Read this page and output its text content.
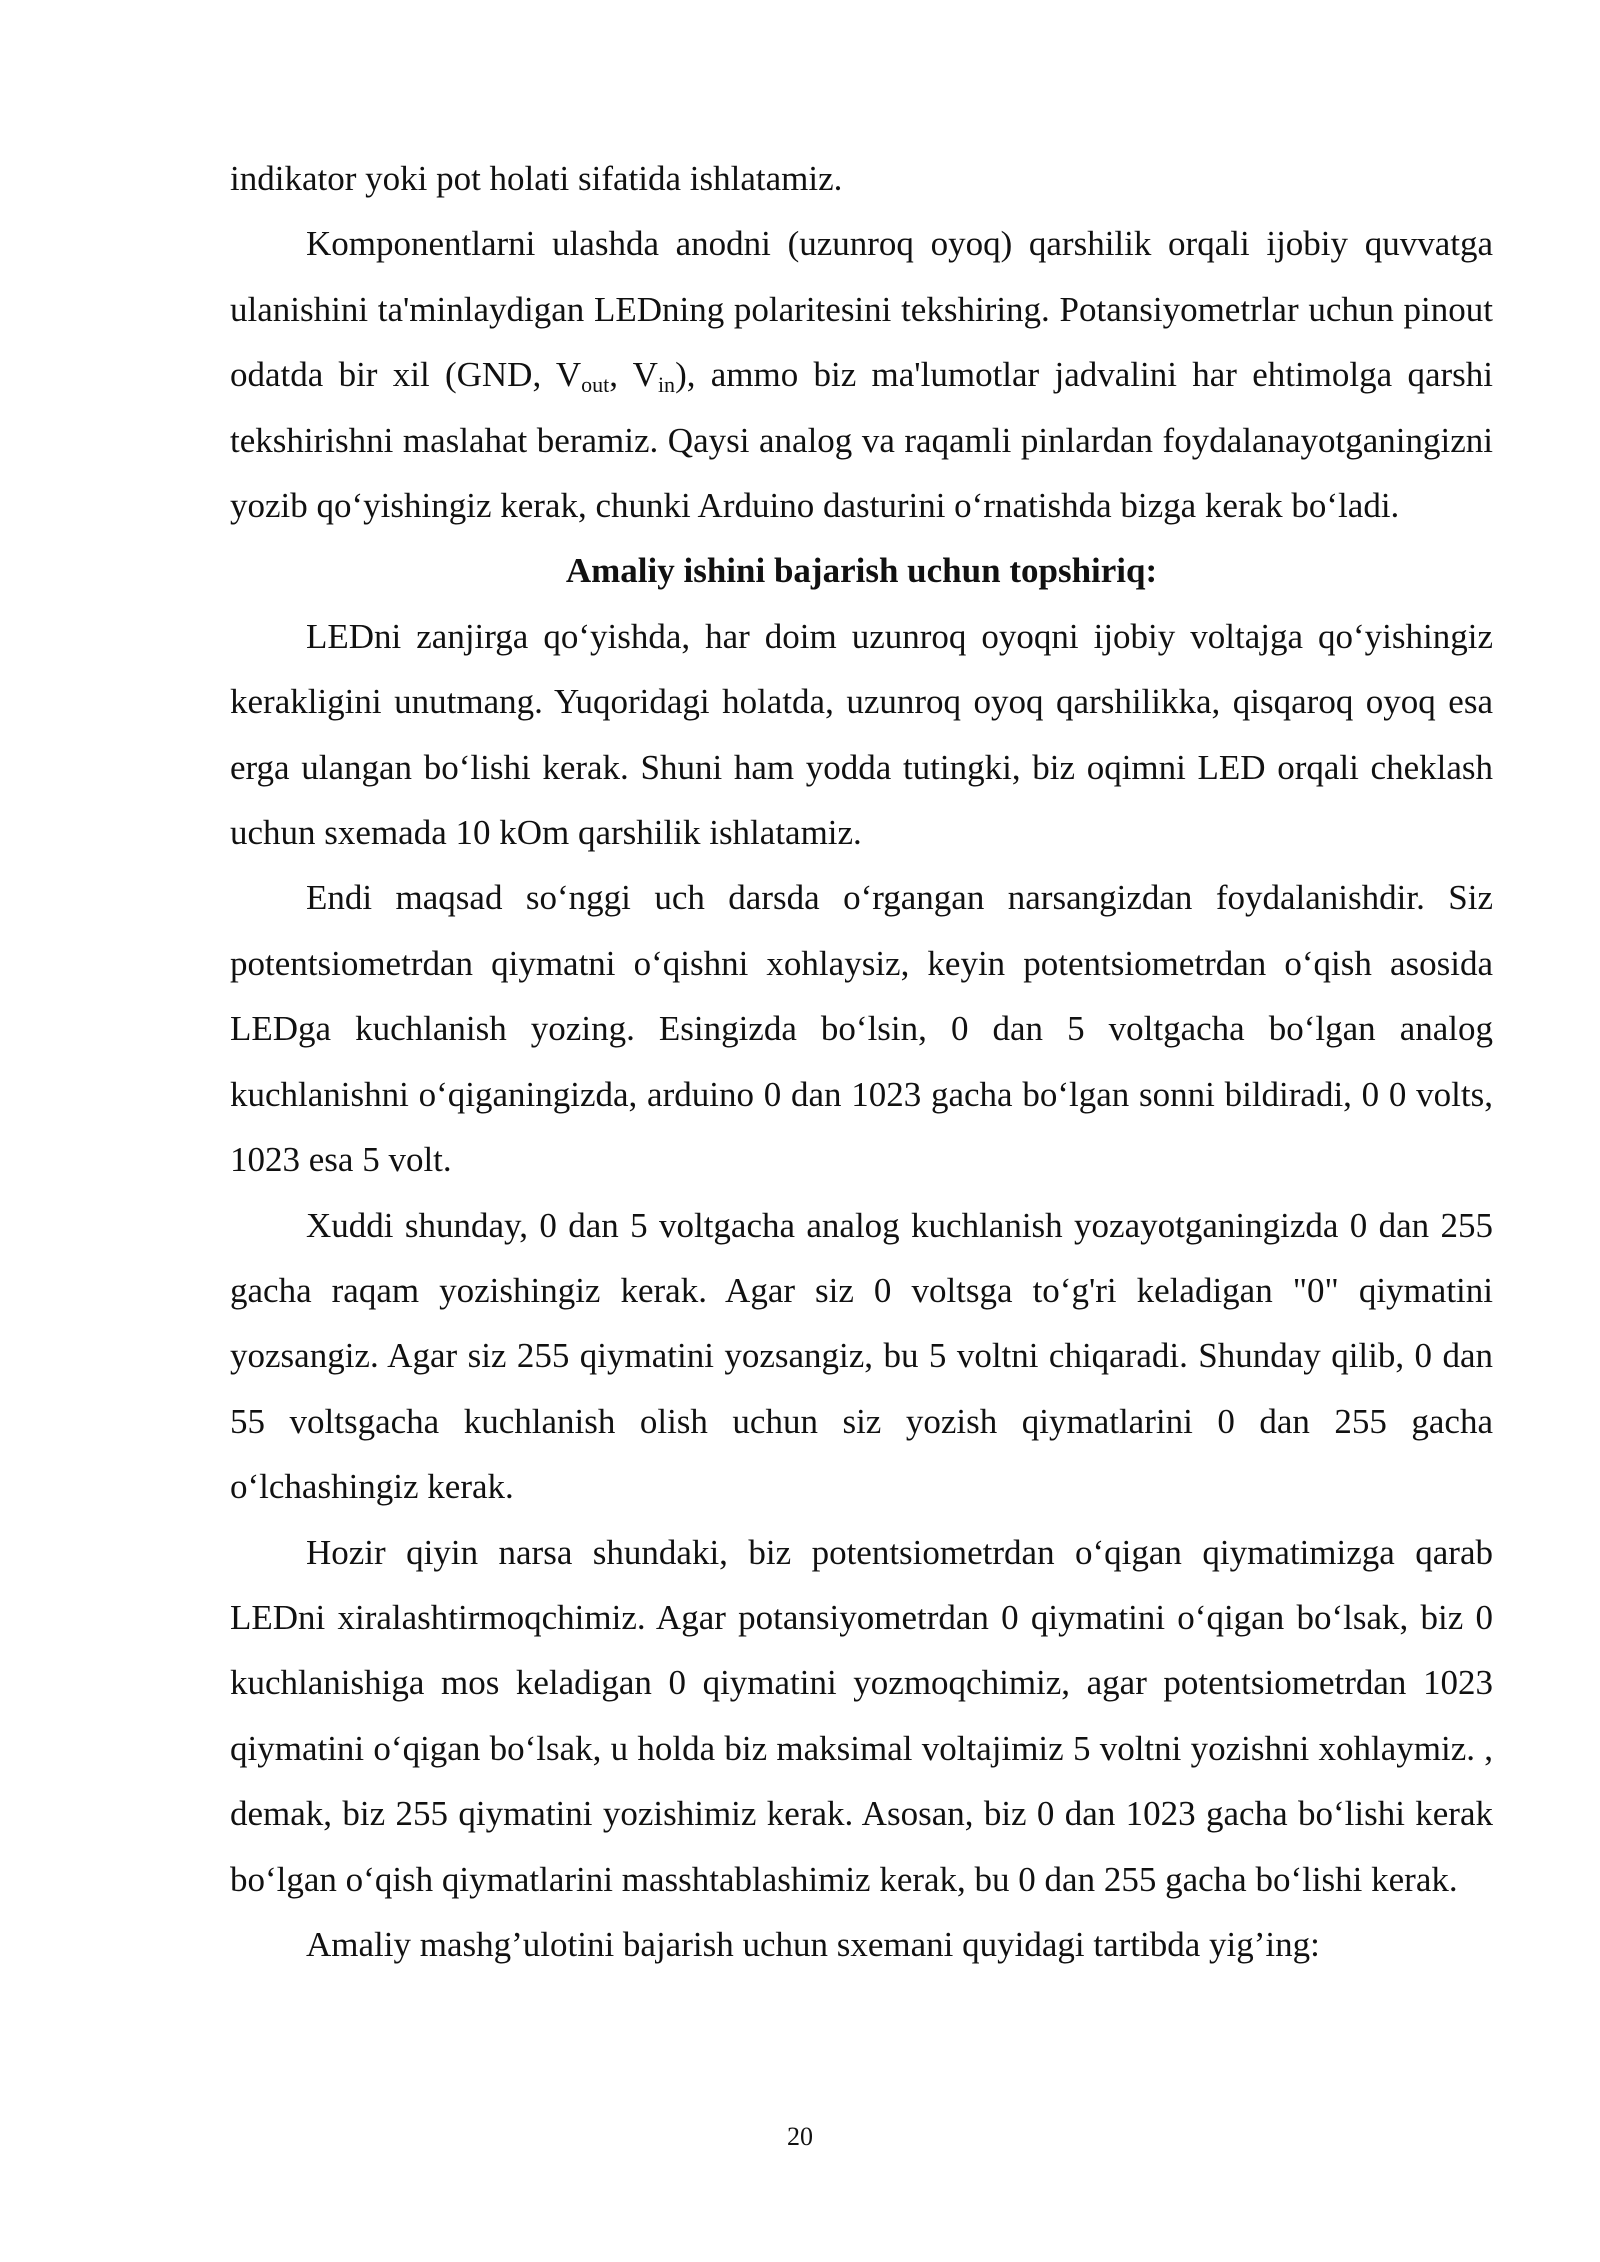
indikator yoki pot holati sifatida ishlatamiz.

Komponentlarni ulashda anodni (uzunroq oyoq) qarshilik orqali ijobiy quvvatga ulanishini ta'minlaydigan LEDning polaritesini tekshiring. Potansiyometrlar uchun pinout odatda bir xil (GND, $V_{out}$, $V_{in}$), ammo biz ma'lumotlar jadvalini har ehtimolga qarshi tekshirishni maslahat beramiz. Qaysi analog va raqamli pinlardan foydalanayotganingizni yozib qo‘yishingiz kerak, chunki Arduino dasturini o‘rnatishda bizga kerak bo‘ladi.

Amaliy ishini bajarish uchun topshiriq:

LEDni zanjirga qo‘yishda, har doim uzunroq oyoqni ijobiy voltajga qo‘yishingiz kerakligini unutmang. Yuqoridagi holatda, uzunroq oyoq qarshilikka, qisqaroq oyoq esa erga ulangan bo‘lishi kerak. Shuni ham yodda tutingki, biz oqimni LED orqali cheklash uchun sxemada 10 kOm qarshilik ishlatamiz.

Endi maqsad so‘nggi uch darsda o‘rgangan narsangizdan foydalanishdir. Siz potentsiometrdan qiymatni o‘qishni xohlaysiz, keyin potentsiometrdan o‘qish asosida LEDga kuchlanish yozing. Esingizda bo‘lsin, 0 dan 5 voltgacha bo‘lgan analog kuchlanishni o‘qiganingizda, arduino 0 dan 1023 gacha bo‘lgan sonni bildiradi, 0 0 volts, 1023 esa 5 volt.

Xuddi shunday, 0 dan 5 voltgacha analog kuchlanish yozayotganingizda 0 dan 255 gacha raqam yozishingiz kerak. Agar siz 0 voltsga to‘g'ri keladigan "0" qiymatini yozsangiz. Agar siz 255 qiymatini yozsangiz, bu 5 voltni chiqaradi. Shunday qilib, 0 dan 55 voltsgacha kuchlanish olish uchun siz yozish qiymatlarini 0 dan 255 gacha o‘lchashingiz kerak.

Hozir qiyin narsa shundaki, biz potentsiometrdan o‘qigan qiymatimizga qarab LEDni xiralashtirmoqchimiz. Agar potansiyometrdan 0 qiymatini o‘qigan bo‘lsak, biz 0 kuchlanishiga mos keladigan 0 qiymatini yozmoqchimiz, agar potentsiometrdan 1023 qiymatini o‘qigan bo‘lsak, u holda biz maksimal voltajimiz 5 voltni yozishni xohlaymiz. , demak, biz 255 qiymatini yozishimiz kerak. Asosan, biz 0 dan 1023 gacha bo‘lishi kerak bo‘lgan o‘qish qiymatlarini masshtablashimiz kerak, bu 0 dan 255 gacha bo‘lishi kerak.

Amaliy mashg’ulotini bajarish uchun sxemani quyidagi tartibda yig’ing:

20
